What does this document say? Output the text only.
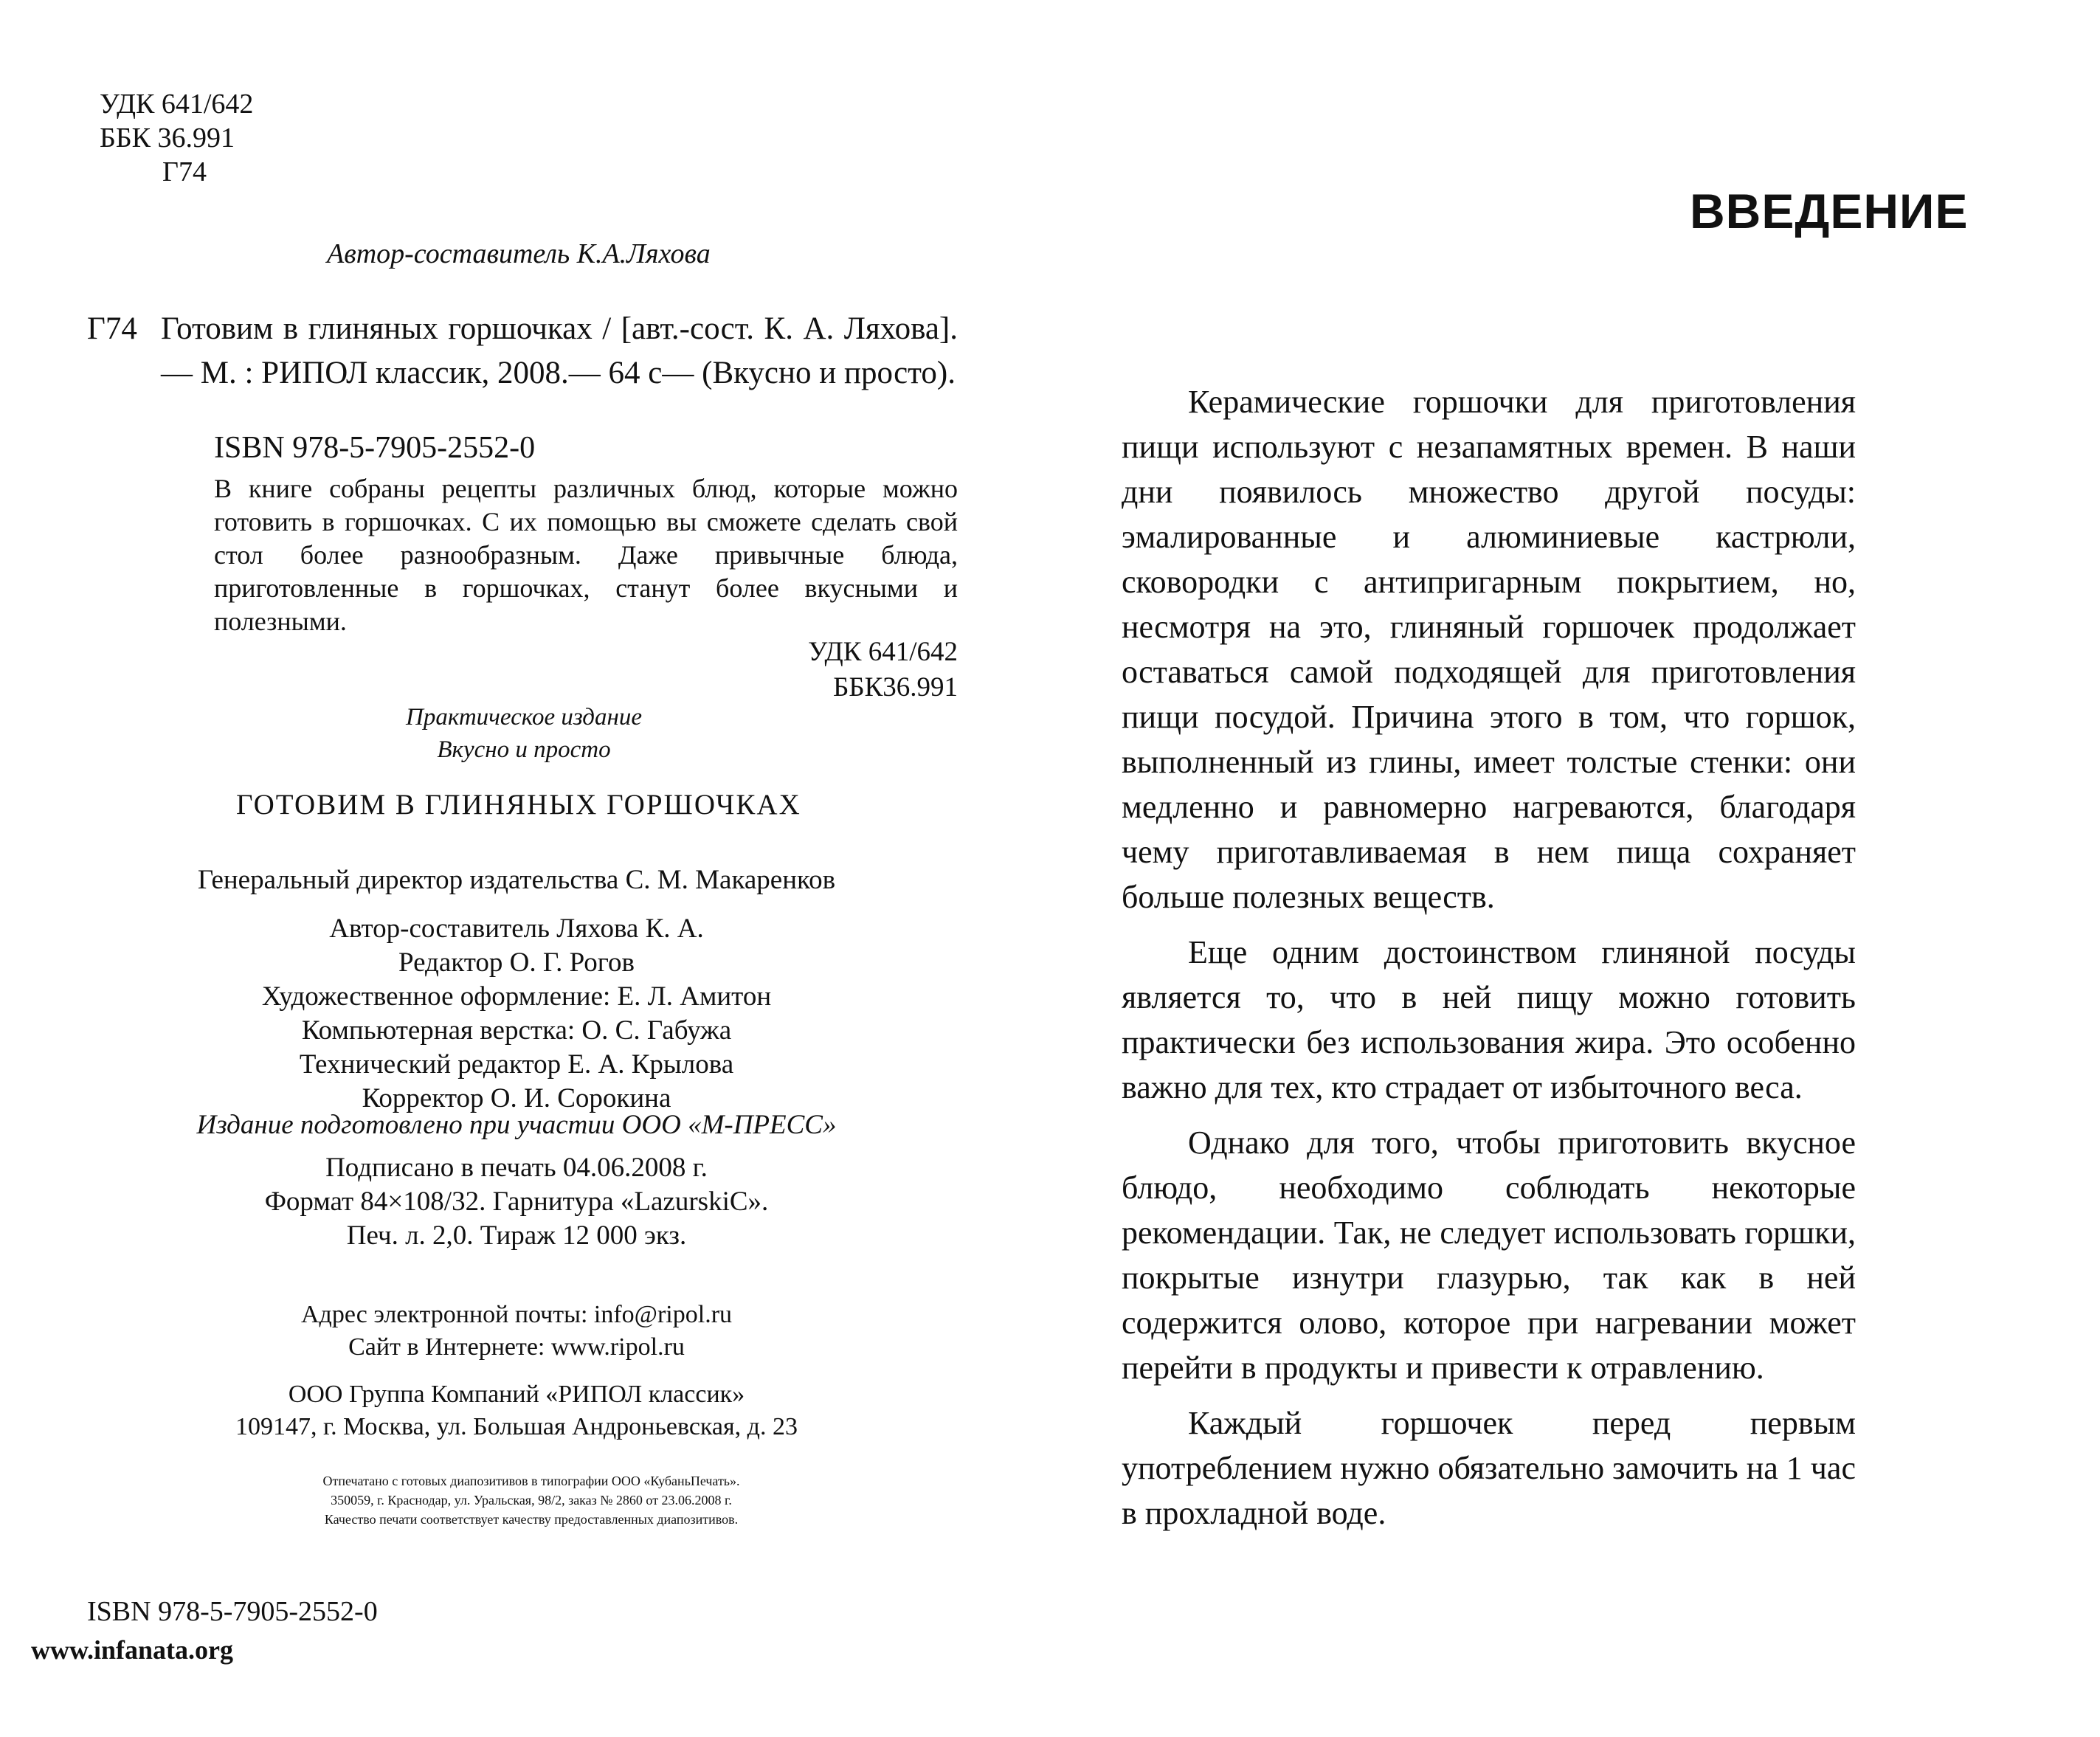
УДК 641/642
ББК 36.991
Г74
Автор-составитель К.А.Ляхова
Г74 Готовим в глиняных горшочках / [авт.-сост. К. А. Ляхова].— М. : РИПОЛ классик, 2008.— 64 с— (Вкусно и просто).
ISBN 978-5-7905-2552-0
В книге собраны рецепты различных блюд, которые можно готовить в горшочках. С их помощью вы сможете сделать свой стол более разнообразным. Даже привычные блюда, приготовленные в горшочках, станут более вкусными и полезными.
УДК 641/642
ББК36.991
Практическое издание
Вкусно и просто
ГОТОВИМ В ГЛИНЯНЫХ ГОРШОЧКАХ
Генеральный директор издательства С. М. Макаренков
Автор-составитель Ляхова К. А.
Редактор О. Г. Рогов
Художественное оформление: Е. Л. Амитон
Компьютерная верстка: О. С. Габужа
Технический редактор Е. А. Крылова
Корректор О. И. Сорокина
Издание подготовлено при участии ООО «М-ПРЕСС»
Подписано в печать 04.06.2008 г.
Формат 84×108/32. Гарнитура «LazurskiC».
Печ. л. 2,0. Тираж 12 000 экз.
Адрес электронной почты: info@ripol.ru
Сайт в Интернете: www.ripol.ru
ООО Группа Компаний «РИПОЛ классик»
109147, г. Москва, ул. Большая Андроньевская, д. 23
Отпечатано с готовых диапозитивов в типографии ООО «КубаньПечать».
350059, г. Краснодар, ул. Уральская, 98/2, заказ № 2860 от 23.06.2008 г.
Качество печати соответствует качеству предоставленных диапозитивов.
ISBN 978-5-7905-2552-0
www.infanata.org
ВВЕДЕНИЕ

Керамические горшочки для приготовления пищи используют с незапамятных времен. В наши дни появилось множество другой посуды: эмалированные и алюминиевые кастрюли, сковородки с антипригарным покрытием, но, несмотря на это, глиняный горшочек продолжает оставаться самой подходящей для приготовления пищи посудой. Причина этого в том, что горшок, выполненный из глины, имеет толстые стенки: они медленно и равномерно нагреваются, благодаря чему приготавливаемая в нем пища сохраняет больше полезных веществ.

Еще одним достоинством глиняной посуды является то, что в ней пищу можно готовить практически без использования жира. Это особенно важно для тех, кто страдает от избыточного веса.

Однако для того, чтобы приготовить вкусное блюдо, необходимо соблюдать некоторые рекомендации. Так, не следует использовать горшки, покрытые изнутри глазурью, так как в ней содержится олово, которое при нагревании может перейти в продукты и привести к отравлению.

Каждый горшочек перед первым употреблением нужно обязательно замочить на 1 час в прохладной воде.
